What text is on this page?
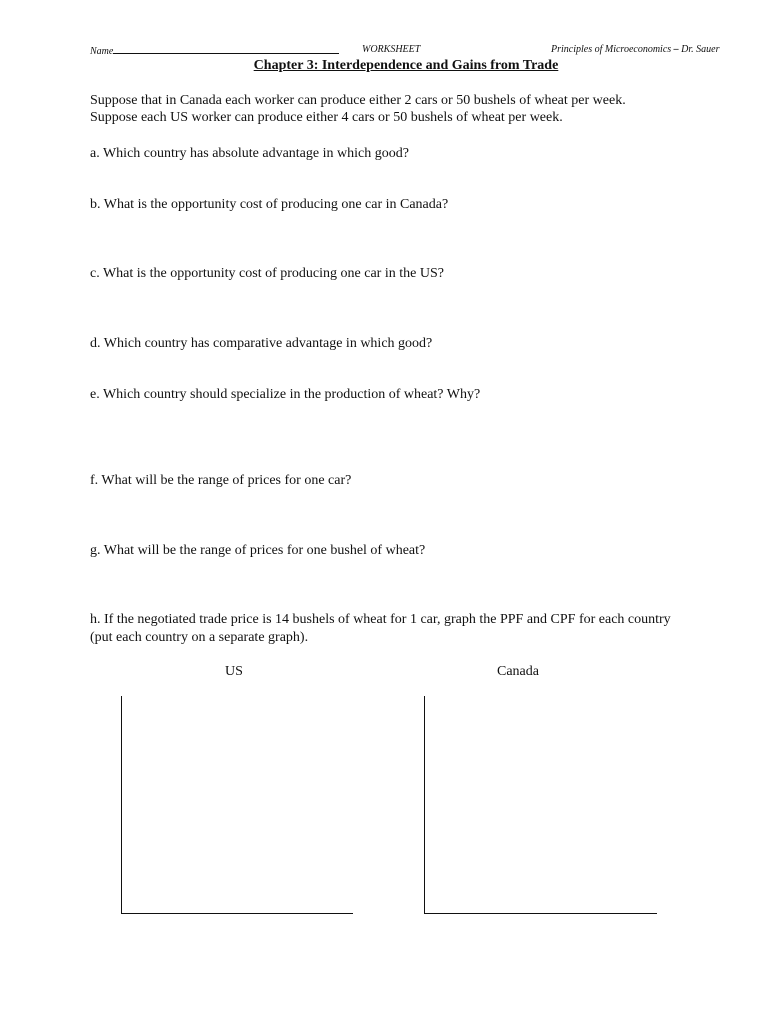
Name	WORKSHEET	Principles of Microeconomics – Dr. Sauer
Chapter 3: Interdependence and Gains from Trade
Suppose that in Canada each worker can produce either 2 cars or 50 bushels of wheat per week.
Suppose each US worker can produce either 4 cars or 50 bushels of wheat per week.
a. Which country has absolute advantage in which good?
b. What is the opportunity cost of producing one car in Canada?
c. What is the opportunity cost of producing one car in the US?
d. Which country has comparative advantage in which good?
e. Which country should specialize in the production of wheat? Why?
f. What will be the range of prices for one car?
g. What will be the range of prices for one bushel of wheat?
h. If the negotiated trade price is 14 bushels of wheat for 1 car, graph the PPF and CPF for each country
(put each country on a separate graph).
US	Canada
